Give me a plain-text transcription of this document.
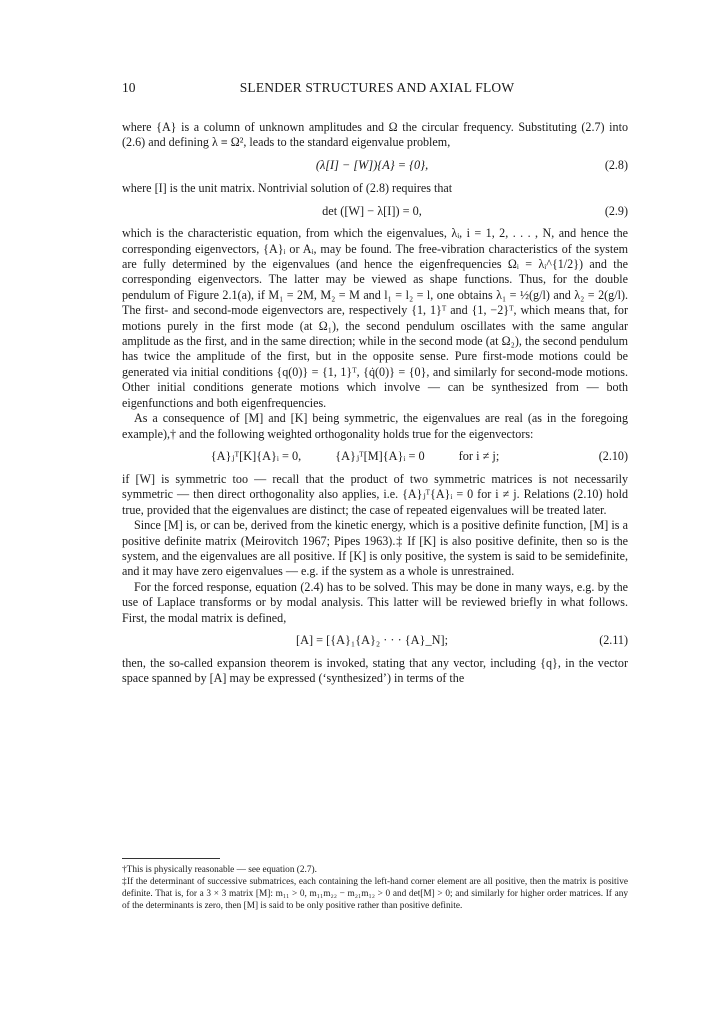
10	SLENDER STRUCTURES AND AXIAL FLOW

where {A} is a column of unknown amplitudes and Ω the circular frequency. Substituting (2.7) into (2.6) and defining λ ≡ Ω², leads to the standard eigenvalue problem,

(λ[I] − [W]){A} = {0},	(2.8)

where [I] is the unit matrix. Nontrivial solution of (2.8) requires that

det ([W] − λ[I]) = 0,	(2.9)

which is the characteristic equation, from which the eigenvalues, λᵢ, i = 1, 2, . . . , N, and hence the corresponding eigenvectors, {A}ᵢ or Aᵢ, may be found. The free-vibration characteristics of the system are fully determined by the eigenvalues (and hence the eigenfrequencies Ωᵢ = λᵢ^{1/2}) and the corresponding eigenvectors. The latter may be viewed as shape functions. Thus, for the double pendulum of Figure 2.1(a), if M₁ = 2M, M₂ = M and l₁ = l₂ = l, one obtains λ₁ = ½(g/l) and λ₂ = 2(g/l). The first- and second-mode eigenvectors are, respectively {1, 1}ᵀ and {1, −2}ᵀ, which means that, for motions purely in the first mode (at Ω₁), the second pendulum oscillates with the same angular amplitude as the first, and in the same direction; while in the second mode (at Ω₂), the second pendulum has twice the amplitude of the first, but in the opposite sense. Pure first-mode motions could be generated via initial conditions {q(0)} = {1, 1}ᵀ, {q̇(0)} = {0}, and similarly for second-mode motions. Other initial conditions generate motions which involve — can be synthesized from — both eigenfunctions and both eigenfrequencies.

As a consequence of [M] and [K] being symmetric, the eigenvalues are real (as in the foregoing example),† and the following weighted orthogonality holds true for the eigenvectors:

{A}ⱼᵀ[K]{A}ᵢ = 0,	{A}ⱼᵀ[M]{A}ᵢ = 0	for i ≠ j;	(2.10)

if [W] is symmetric too — recall that the product of two symmetric matrices is not necessarily symmetric — then direct orthogonality also applies, i.e. {A}ⱼᵀ{A}ᵢ = 0 for i ≠ j. Relations (2.10) hold true, provided that the eigenvalues are distinct; the case of repeated eigenvalues will be treated later.

Since [M] is, or can be, derived from the kinetic energy, which is a positive definite function, [M] is a positive definite matrix (Meirovitch 1967; Pipes 1963).‡ If [K] is also positive definite, then so is the system, and the eigenvalues are all positive. If [K] is only positive, the system is said to be semidefinite, and it may have zero eigenvalues — e.g. if the system as a whole is unrestrained.

For the forced response, equation (2.4) has to be solved. This may be done in many ways, e.g. by the use of Laplace transforms or by modal analysis. This latter will be reviewed briefly in what follows. First, the modal matrix is defined,

[A] = [{A}₁{A}₂ · · · {A}_N];	(2.11)

then, the so-called expansion theorem is invoked, stating that any vector, including {q}, in the vector space spanned by [A] may be expressed (‘synthesized’) in terms of the

†This is physically reasonable — see equation (2.7).

‡If the determinant of successive submatrices, each containing the left-hand corner element are all positive, then the matrix is positive definite. That is, for a 3 × 3 matrix [M]: m₁₁ > 0, m₁₁m₂₂ − m₂₁m₁₂ > 0 and det[M] > 0; and similarly for higher order matrices. If any of the determinants is zero, then [M] is said to be only positive rather than positive definite.
